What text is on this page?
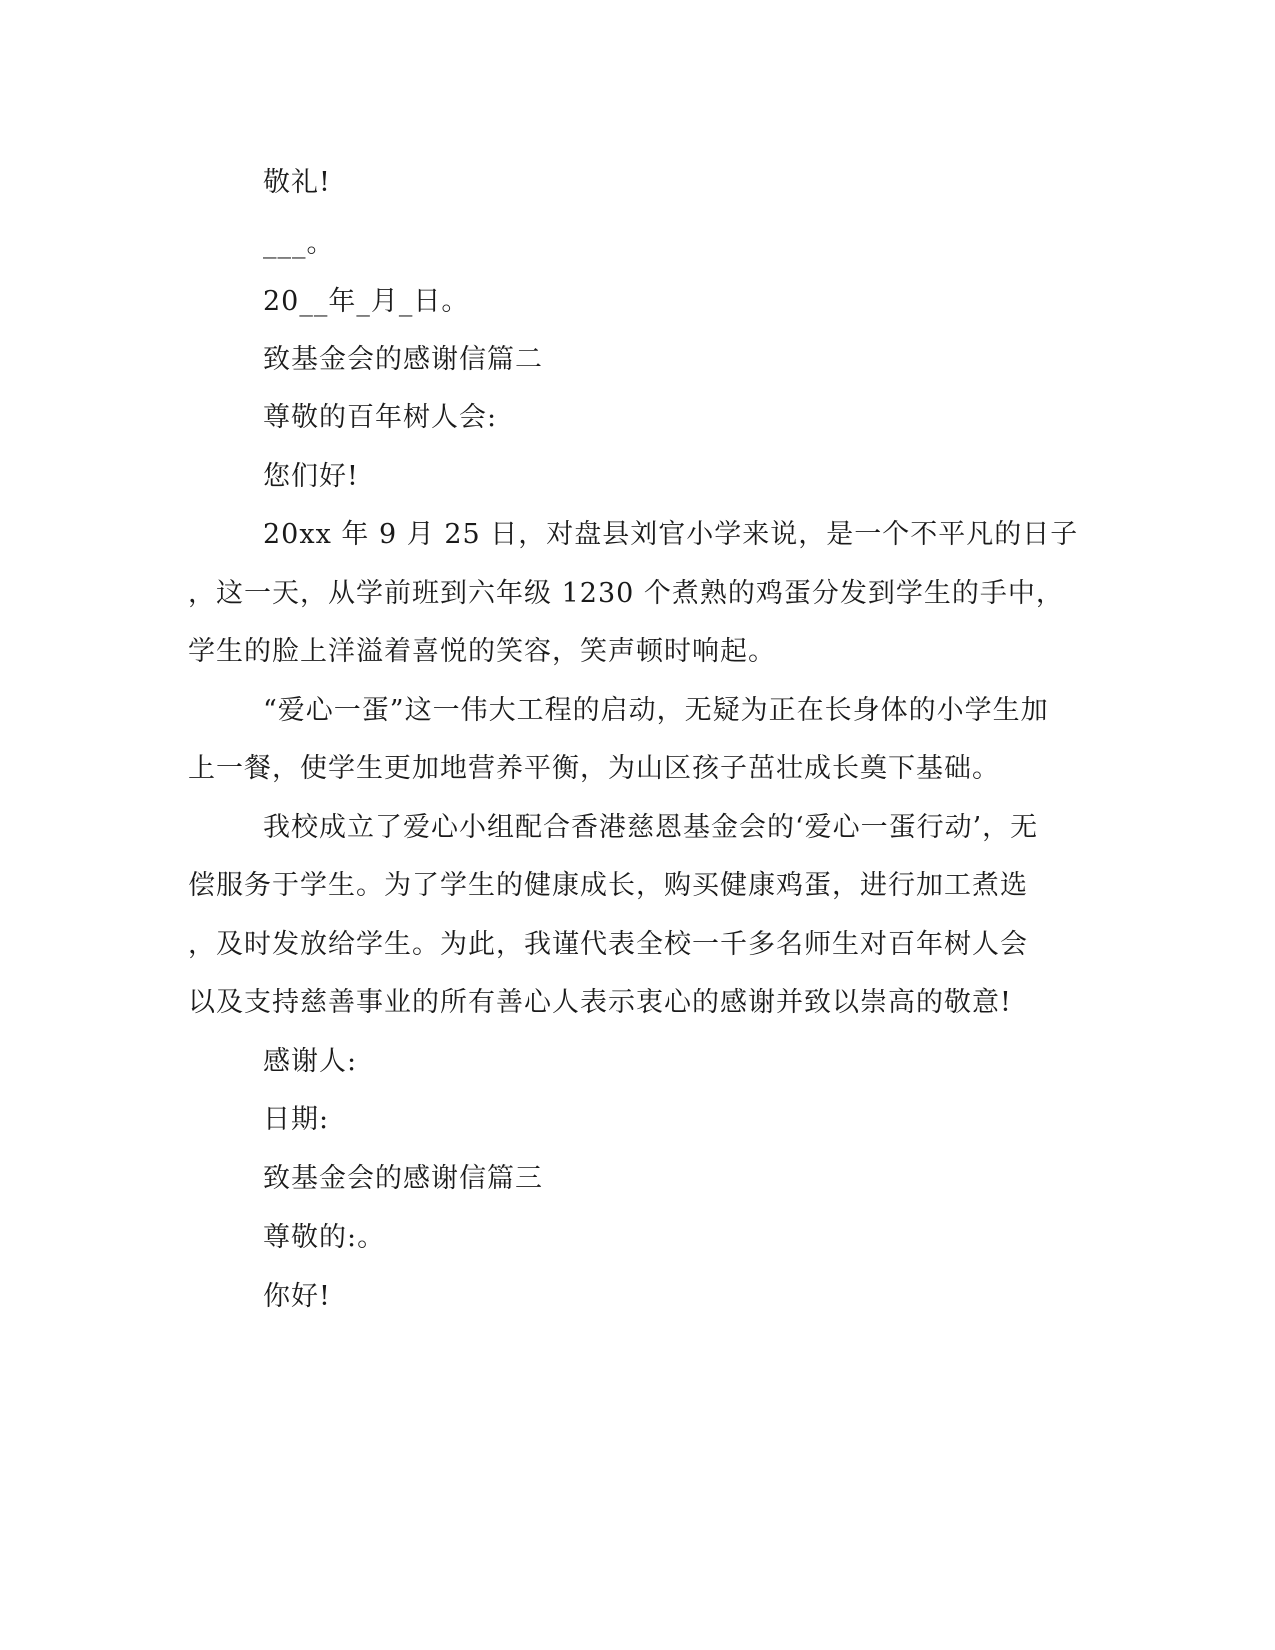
敬礼!
___。
20__年_月_日。
致基金会的感谢信篇二
尊敬的百年树人会:
您们好!
20xx 年 9 月 25 日，对盘县刘官小学来说，是一个不平凡的日子
，这一天，从学前班到六年级 1230 个煮熟的鸡蛋分发到学生的手中，
学生的脸上洋溢着喜悦的笑容，笑声顿时响起。
“爱心一蛋”这一伟大工程的启动，无疑为正在长身体的小学生加
上一餐，使学生更加地营养平衡，为山区孩子茁壮成长奠下基础。
我校成立了爱心小组配合香港慈恩基金会的‘爱心一蛋行动’，无
偿服务于学生。为了学生的健康成长，购买健康鸡蛋，进行加工煮选
，及时发放给学生。为此，我谨代表全校一千多名师生对百年树人会
以及支持慈善事业的所有善心人表示衷心的感谢并致以崇高的敬意!
感谢人:
日期:
致基金会的感谢信篇三
尊敬的:。
你好!
